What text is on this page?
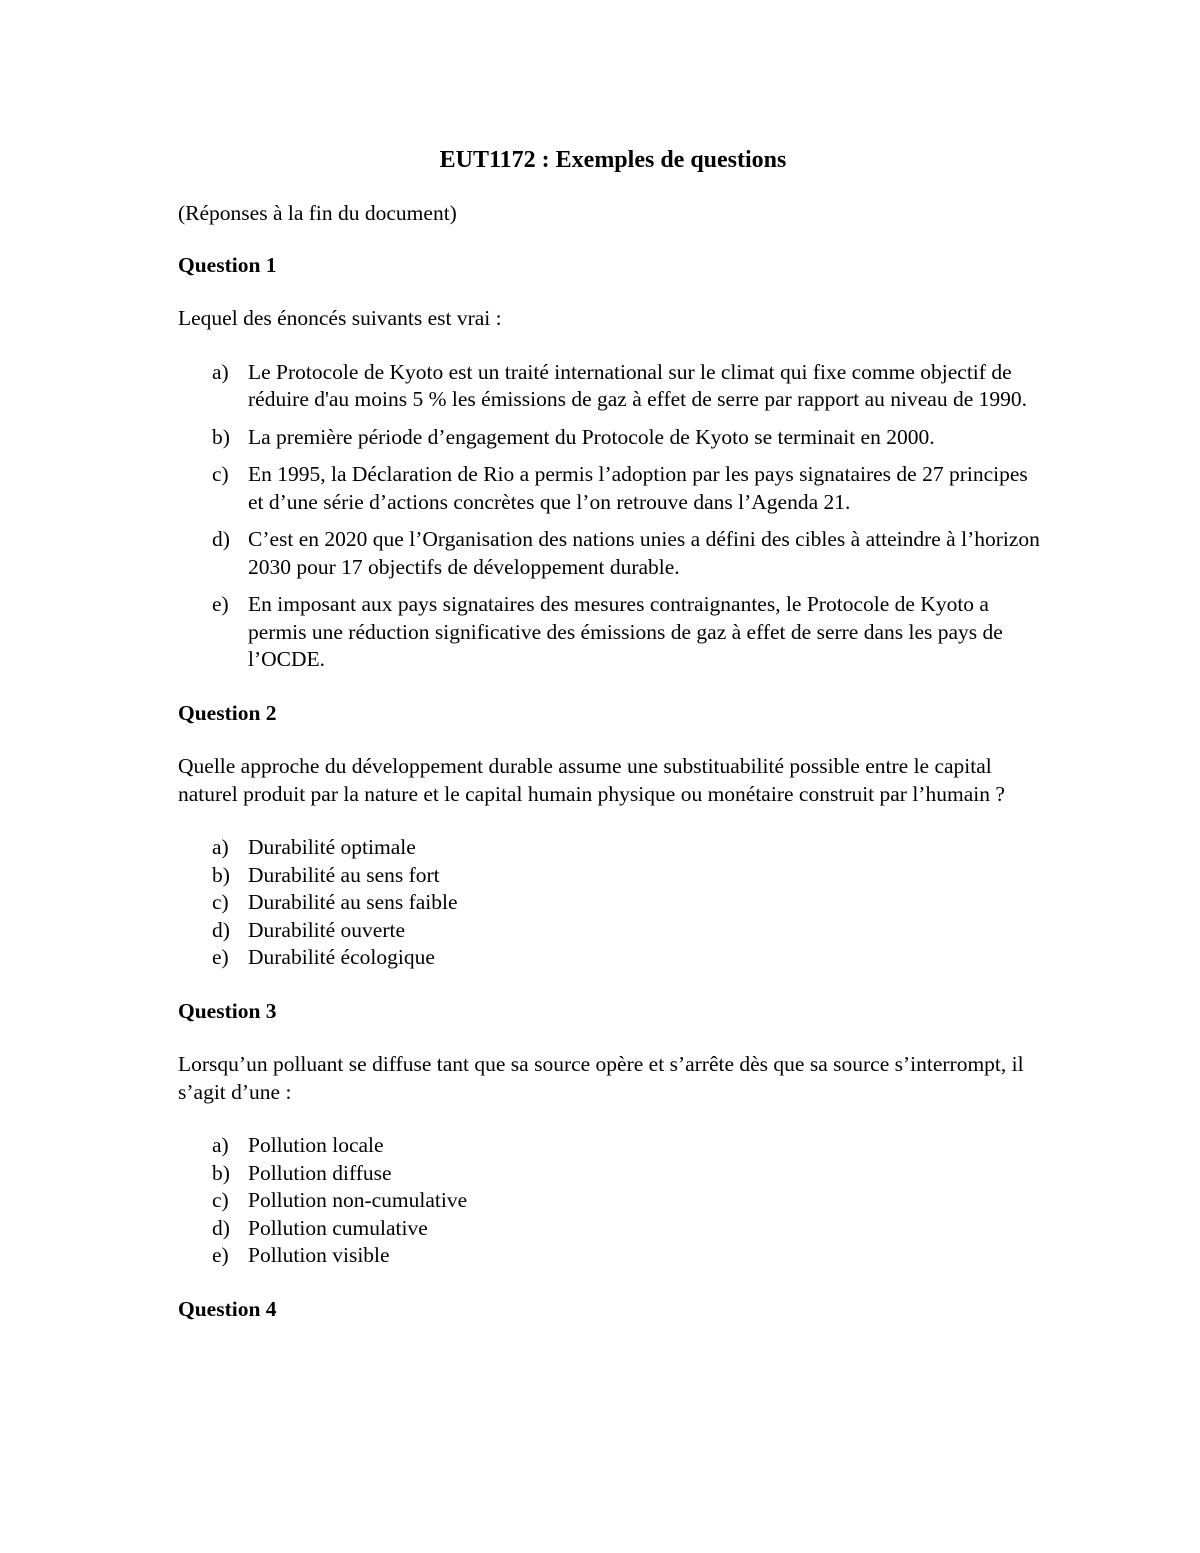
EUT1172 : Exemples de questions

(Réponses à la fin du document)

Question 1

Lequel des énoncés suivants est vrai :

a) Le Protocole de Kyoto est un traité international sur le climat qui fixe comme objectif de réduire d'au moins 5 % les émissions de gaz à effet de serre par rapport au niveau de 1990.
b) La première période d’engagement du Protocole de Kyoto se terminait en 2000.
c) En 1995, la Déclaration de Rio a permis l’adoption par les pays signataires de 27 principes et d’une série d’actions concrètes que l’on retrouve dans l’Agenda 21.
d) C’est en 2020 que l’Organisation des nations unies a défini des cibles à atteindre à l’horizon 2030 pour 17 objectifs de développement durable.
e) En imposant aux pays signataires des mesures contraignantes, le Protocole de Kyoto a permis une réduction significative des émissions de gaz à effet de serre dans les pays de l’OCDE.

Question 2

Quelle approche du développement durable assume une substituabilité possible entre le capital naturel produit par la nature et le capital humain physique ou monétaire construit par l’humain ?

a) Durabilité optimale
b) Durabilité au sens fort
c) Durabilité au sens faible
d) Durabilité ouverte
e) Durabilité écologique

Question 3

Lorsqu’un polluant se diffuse tant que sa source opère et s’arrête dès que sa source s’interrompt, il s’agit d’une :

a) Pollution locale
b) Pollution diffuse
c) Pollution non-cumulative
d) Pollution cumulative
e) Pollution visible

Question 4
